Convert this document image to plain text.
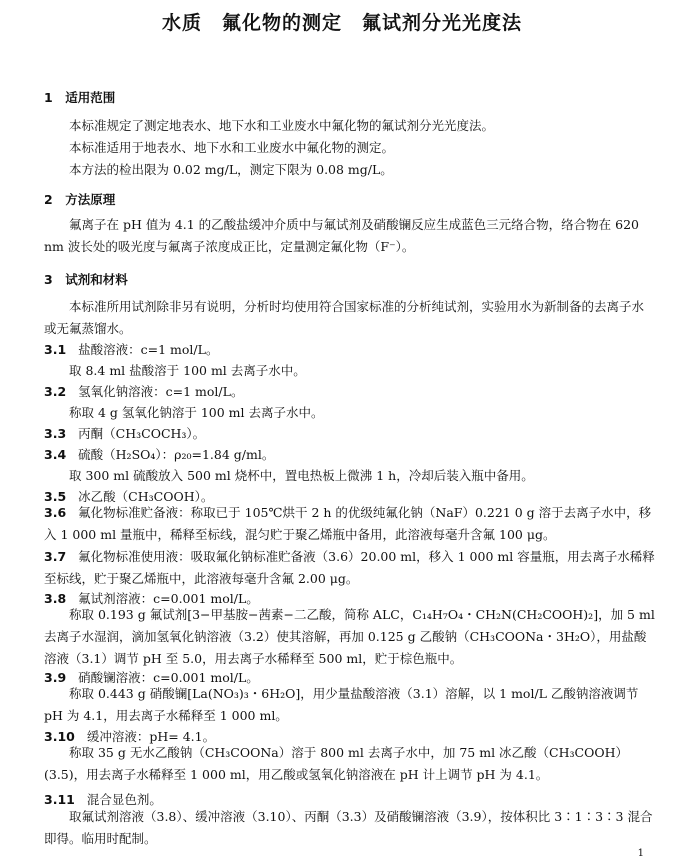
水质　氟化物的测定　氟试剂分光光度法
1　适用范围
本标准规定了测定地表水、地下水和工业废水中氟化物的氟试剂分光光度法。
本标准适用于地表水、地下水和工业废水中氟化物的测定。
本方法的检出限为 0.02 mg/L，测定下限为 0.08 mg/L。
2　方法原理
氟离子在 pH 值为 4.1 的乙酸盐缓冲介质中与氟试剂及硝酸镧反应生成蓝色三元络合物，络合物在 620 nm 波长处的吸光度与氟离子浓度成正比，定量测定氟化物（F⁻）。
3　试剂和材料
本标准所用试剂除非另有说明，分析时均使用符合国家标准的分析纯试剂，实验用水为新制备的去离子水或无氟蒸馏水。
3.1 盐酸溶液：c=1 mol/L。
取 8.4 ml 盐酸溶于 100 ml 去离子水中。
3.2 氢氧化钠溶液：c=1 mol/L。
称取 4 g 氢氧化钠溶于 100 ml 去离子水中。
3.3 丙酮（CH₃COCH₃）。
3.4 硫酸（H₂SO₄）：ρ₂₀=1.84 g/ml。
取 300 ml 硫酸放入 500 ml 烧杯中，置电热板上微沸 1 h，冷却后装入瓶中备用。
3.5 冰乙酸（CH₃COOH）。
3.6 氟化物标准贮备液：称取已于 105℃烘干 2 h 的优级纯氟化钠（NaF）0.221 0 g 溶于去离子水中，移入 1 000 ml 量瓶中，稀释至标线，混匀贮于聚乙烯瓶中备用，此溶液每毫升含氟 100 μg。
3.7 氟化物标准使用液：吸取氟化钠标准贮备液（3.6）20.00 ml，移入 1 000 ml 容量瓶，用去离子水稀释至标线，贮于聚乙烯瓶中，此溶液每毫升含氟 2.00 μg。
3.8 氟试剂溶液：c=0.001 mol/L。
称取 0.193 g 氟试剂[3−甲基胺−茜素−二乙酸，简称 ALC，C₁₄H₇O₄・CH₂N(CH₂COOH)₂]，加 5 ml 去离子水湿润，滴加氢氧化钠溶液（3.2）使其溶解，再加 0.125 g 乙酸钠（CH₃COONa・3H₂O），用盐酸溶液（3.1）调节 pH 至 5.0，用去离子水稀释至 500 ml，贮于棕色瓶中。
3.9 硝酸镧溶液：c=0.001 mol/L。
称取 0.443 g 硝酸镧[La(NO₃)₃・6H₂O]，用少量盐酸溶液（3.1）溶解，以 1 mol/L 乙酸钠溶液调节 pH 为 4.1，用去离子水稀释至 1 000 ml。
3.10 缓冲溶液：pH= 4.1。
称取 35 g 无水乙酸钠（CH₃COONa）溶于 800 ml 去离子水中，加 75 ml 冰乙酸（CH₃COOH）(3.5)，用去离子水稀释至 1 000 ml，用乙酸或氢氧化钠溶液在 pH 计上调节 pH 为 4.1。
3.11 混合显色剂。
取氟试剂溶液（3.8）、缓冲溶液（3.10）、丙酮（3.3）及硝酸镧溶液（3.9），按体积比 3∶1∶3∶3 混合即得。临用时配制。
1
